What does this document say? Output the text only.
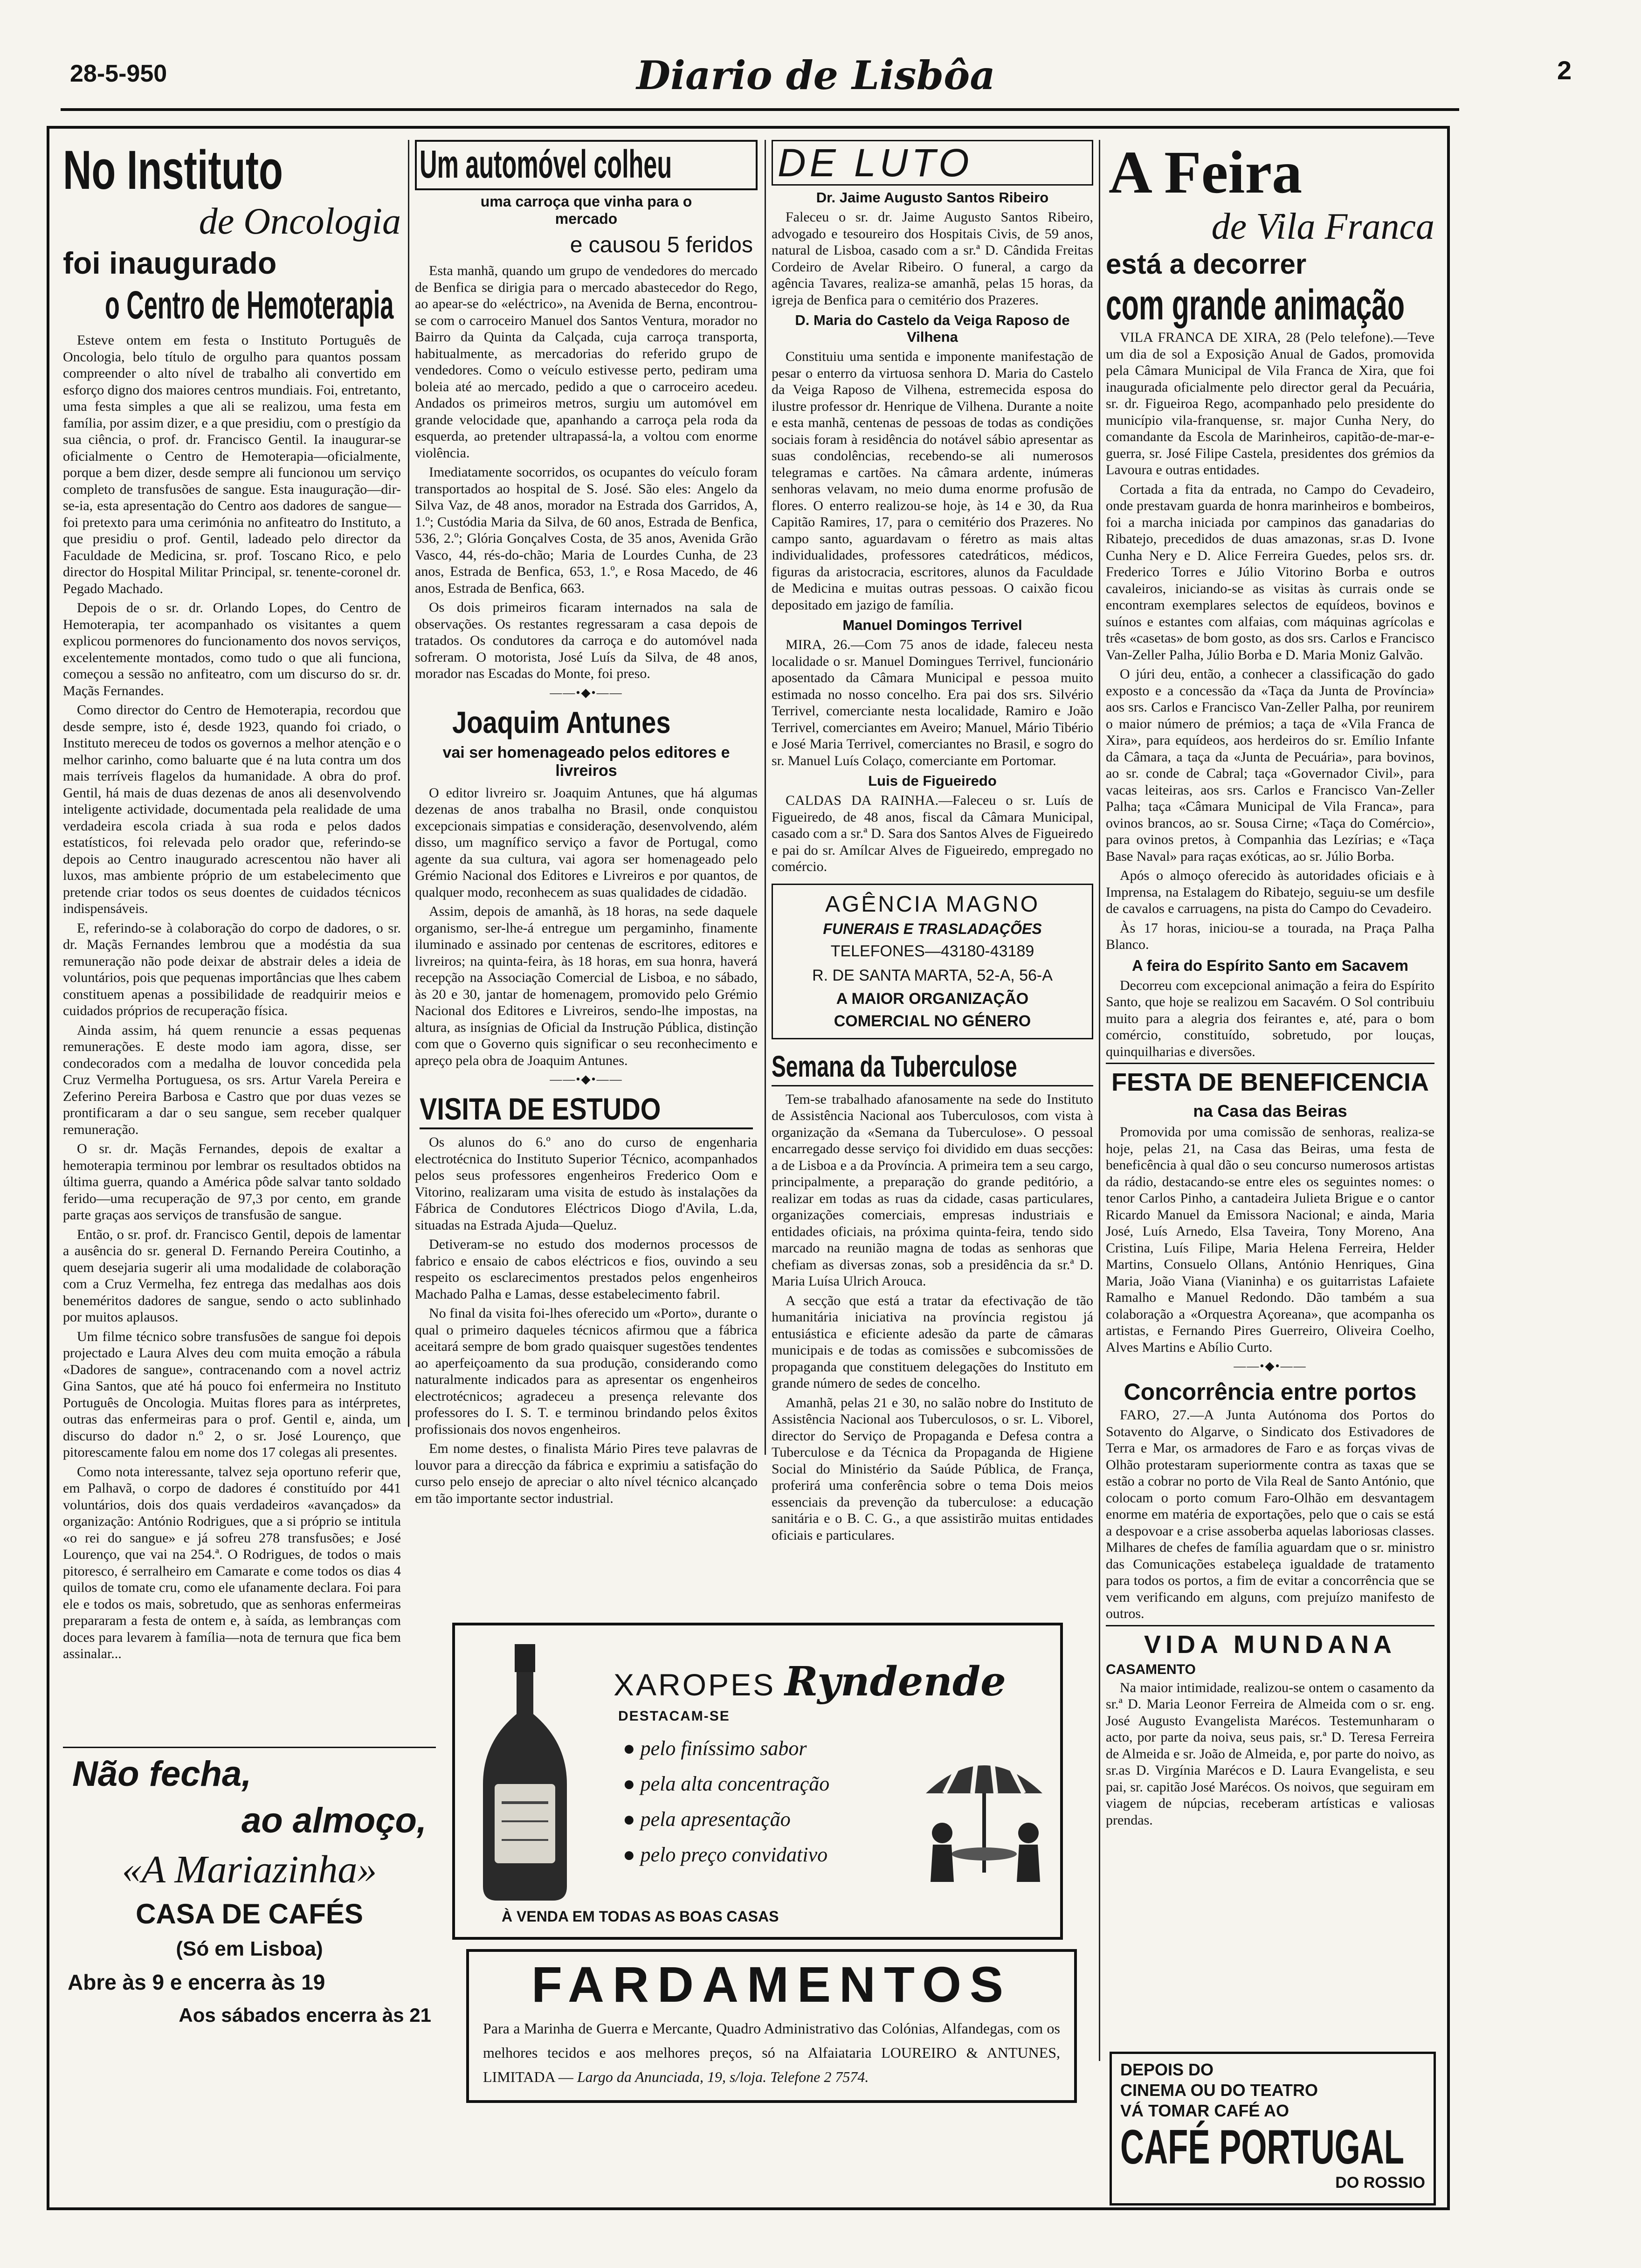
28-5-950	Diario de Lisbôa	2
No Instituto
de Oncologia
foi inaugurado
o Centro de Hemoterapia

Esteve ontem em festa o Instituto Português de Oncologia, belo título de orgulho para quantos possam compreender o alto nível de trabalho ali convertido em esforço digno dos maiores centros mundiais. Foi, entretanto, uma festa simples a que ali se realizou, uma festa em família, por assim dizer, e a que presidiu, com o prestígio da sua ciência, o prof. dr. Francisco Gentil. Ia inaugurar-se oficialmente o Centro de Hemoterapia—oficialmente, porque a bem dizer, desde sempre ali funcionou um serviço completo de transfusões de sangue. Esta inauguração—dir-se-ia, esta apresentação do Centro aos dadores de sangue—foi pretexto para uma cerimónia no anfiteatro do Instituto, a que presidiu o prof. Gentil, ladeado pelo director da Faculdade de Medicina, sr. prof. Toscano Rico, e pelo director do Hospital Militar Principal, sr. tenente-coronel dr. Pegado Machado.

Depois de o sr. dr. Orlando Lopes, do Centro de Hemoterapia, ter acompanhado os visitantes a quem explicou pormenores do funcionamento dos novos serviços, excelentemente montados, como tudo o que ali funciona, começou a sessão no anfiteatro, com um discurso do sr. dr. Maçãs Fernandes.

Como director do Centro de Hemoterapia, recordou que desde sempre, isto é, desde 1923, quando foi criado, o Instituto mereceu de todos os governos a melhor atenção e o melhor carinho, como baluarte que é na luta contra um dos mais terríveis flagelos da humanidade. A obra do prof. Gentil, há mais de duas dezenas de anos ali desenvolvendo inteligente actividade, documentada pela realidade de uma verdadeira escola criada à sua roda e pelos dados estatísticos, foi relevada pelo orador que, referindo-se depois ao Centro inaugurado acrescentou não haver ali luxos, mas ambiente próprio de um estabelecimento que pretende criar todos os seus doentes de cuidados técnicos indispensáveis.

E, referindo-se à colaboração do corpo de dadores, o sr. dr. Maçãs Fernandes lembrou que a modéstia da sua remuneração não pode deixar de abstrair deles a ideia de voluntários, pois que pequenas importâncias que lhes cabem constituem apenas a possibilidade de readquirir meios e cuidados próprios de recuperação física.

Ainda assim, há quem renuncie a essas pequenas remunerações. E deste modo iam agora, disse, ser condecorados com a medalha de louvor concedida pela Cruz Vermelha Portuguesa, os srs. Artur Varela Pereira e Zeferino Pereira Barbosa e Castro que por duas vezes se prontificaram a dar o seu sangue, sem receber qualquer remuneração.

O sr. dr. Maçãs Fernandes, depois de exaltar a hemoterapia terminou por lembrar os resultados obtidos na última guerra, quando a América pôde salvar tanto soldado ferido—uma recuperação de 97,3 por cento, em grande parte graças aos serviços de transfusão de sangue.

Então, o sr. prof. dr. Francisco Gentil, depois de lamentar a ausência do sr. general D. Fernando Pereira Coutinho, a quem desejaria sugerir ali uma modalidade de colaboração com a Cruz Vermelha, fez entrega das medalhas aos dois beneméritos dadores de sangue, sendo o acto sublinhado por muitos aplausos.

Um filme técnico sobre transfusões de sangue foi depois projectado e Laura Alves deu com muita emoção a rábula «Dadores de sangue», contracenando com a novel actriz Gina Santos, que até há pouco foi enfermeira no Instituto Português de Oncologia. Muitas flores para as intérpretes, outras das enfermeiras para o prof. Gentil e, ainda, um discurso do dador n.º 2, o sr. José Lourenço, que pitorescamente falou em nome dos 17 colegas ali presentes.

Como nota interessante, talvez seja oportuno referir que, em Palhavã, o corpo de dadores é constituído por 441 voluntários, dois dos quais verdadeiros «avançados» da organização: António Rodrigues, que a si próprio se intitula «o rei do sangue» e já sofreu 278 transfusões; e José Lourenço, que vai na 254.ª. O Rodrigues, de todos o mais pitoresco, é serralheiro em Camarate e come todos os dias 4 quilos de tomate cru, como ele ufanamente declara. Foi para ele e todos os mais, sobretudo, que as senhoras enfermeiras prepararam a festa de ontem e, à saída, as lembranças com doces para levarem à família—nota de ternura que fica bem assinalar...

Não fecha,
ao almoço,
«A Mariazinha»
CASA DE CAFÉS
(Só em Lisboa)
Abre às 9 e encerra às 19
Aos sábados encerra às 21
Um automóvel colheu
uma carroça que vinha para o mercado
e causou 5 feridos

Esta manhã, quando um grupo de vendedores do mercado de Benfica se dirigia para o mercado abastecedor do Rego, ao apear-se do «eléctrico», na Avenida de Berna, encontrou-se com o carroceiro Manuel dos Santos Ventura, morador no Bairro da Quinta da Calçada, cuja carroça transporta, habitualmente, as mercadorias do referido grupo de vendedores. Como o veículo estivesse perto, pediram uma boleia até ao mercado, pedido a que o carroceiro acedeu. Andados os primeiros metros, surgiu um automóvel em grande velocidade que, apanhando a carroça pela roda da esquerda, ao pretender ultrapassá-la, a voltou com enorme violência.

Imediatamente socorridos, os ocupantes do veículo foram transportados ao hospital de S. José. São eles: Angelo da Silva Vaz, de 48 anos, morador na Estrada dos Garridos, A, 1.º; Custódia Maria da Silva, de 60 anos, Estrada de Benfica, 536, 2.º; Glória Gonçalves Costa, de 35 anos, Avenida Grão Vasco, 44, rés-do-chão; Maria de Lourdes Cunha, de 23 anos, Estrada de Benfica, 653, 1.º, e Rosa Macedo, de 46 anos, Estrada de Benfica, 663.

Os dois primeiros ficaram internados na sala de observações. Os restantes regressaram a casa depois de tratados. Os condutores da carroça e do automóvel nada sofreram. O motorista, José Luís da Silva, de 48 anos, morador nas Escadas do Monte, foi preso.

——•◆•——
Joaquim Antunes
vai ser homenageado pelos editores e livreiros

O editor livreiro sr. Joaquim Antunes, que há algumas dezenas de anos trabalha no Brasil, onde conquistou excepcionais simpatias e consideração, desenvolvendo, além disso, um magnífico serviço a favor de Portugal, como agente da sua cultura, vai agora ser homenageado pelo Grémio Nacional dos Editores e Livreiros e por quantos, de qualquer modo, reconhecem as suas qualidades de cidadão.

Assim, depois de amanhã, às 18 horas, na sede daquele organismo, ser-lhe-á entregue um pergaminho, finamente iluminado e assinado por centenas de escritores, editores e livreiros; na quinta-feira, às 18 horas, em sua honra, haverá recepção na Associação Comercial de Lisboa, e no sábado, às 20 e 30, jantar de homenagem, promovido pelo Grémio Nacional dos Editores e Livreiros, sendo-lhe impostas, na altura, as insígnias de Oficial da Instrução Pública, distinção com que o Governo quis significar o seu reconhecimento e apreço pela obra de Joaquim Antunes.

——•◆•——
VISITA DE ESTUDO

Os alunos do 6.º ano do curso de engenharia electrotécnica do Instituto Superior Técnico, acompanhados pelos seus professores engenheiros Frederico Oom e Vitorino, realizaram uma visita de estudo às instalações da Fábrica de Condutores Eléctricos Diogo d'Avila, L.da, situadas na Estrada Ajuda—Queluz.

Detiveram-se no estudo dos modernos processos de fabrico e ensaio de cabos eléctricos e fios, ouvindo a seu respeito os esclarecimentos prestados pelos engenheiros Machado Palha e Lamas, desse estabelecimento fabril.

No final da visita foi-lhes oferecido um «Porto», durante o qual o primeiro daqueles técnicos afirmou que a fábrica aceitará sempre de bom grado quaisquer sugestões tendentes ao aperfeiçoamento da sua produção, considerando como naturalmente indicados para as apresentar os engenheiros electrotécnicos; agradeceu a presença relevante dos professores do I. S. T. e terminou brindando pelos êxitos profissionais dos novos engenheiros.

Em nome destes, o finalista Mário Pires teve palavras de louvor para a direcção da fábrica e exprimiu a satisfação do curso pelo ensejo de apreciar o alto nível técnico alcançado em tão importante sector industrial.

DE LUTO
Dr. Jaime Augusto Santos Ribeiro

Faleceu o sr. dr. Jaime Augusto Santos Ribeiro, advogado e tesoureiro dos Hospitais Civis, de 59 anos, natural de Lisboa, casado com a sr.ª D. Cândida Freitas Cordeiro de Avelar Ribeiro. O funeral, a cargo da agência Tavares, realiza-se amanhã, pelas 15 horas, da igreja de Benfica para o cemitério dos Prazeres.

D. Maria do Castelo da Veiga Raposo de Vilhena

Constituiu uma sentida e imponente manifestação de pesar o enterro da virtuosa senhora D. Maria do Castelo da Veiga Raposo de Vilhena, estremecida esposa do ilustre professor dr. Henrique de Vilhena. Durante a noite e esta manhã, centenas de pessoas de todas as condições sociais foram à residência do notável sábio apresentar as suas condolências, recebendo-se ali numerosos telegramas e cartões. Na câmara ardente, inúmeras senhoras velavam, no meio duma enorme profusão de flores. O enterro realizou-se hoje, às 14 e 30, da Rua Capitão Ramires, 17, para o cemitério dos Prazeres. No campo santo, aguardavam o féretro as mais altas individualidades, professores catedráticos, médicos, figuras da aristocracia, escritores, alunos da Faculdade de Medicina e muitas outras pessoas. O caixão ficou depositado em jazigo de família.

Manuel Domingos Terrivel

MIRA, 26.—Com 75 anos de idade, faleceu nesta localidade o sr. Manuel Domingues Terrivel, funcionário aposentado da Câmara Municipal e pessoa muito estimada no nosso concelho. Era pai dos srs. Silvério Terrivel, comerciante nesta localidade, Ramiro e João Terrivel, comerciantes em Aveiro; Manuel, Mário Tibério e José Maria Terrivel, comerciantes no Brasil, e sogro do sr. Manuel Luís Colaço, comerciante em Portomar.

Luis de Figueiredo

CALDAS DA RAINHA.—Faleceu o sr. Luís de Figueiredo, de 48 anos, fiscal da Câmara Municipal, casado com a sr.ª D. Sara dos Santos Alves de Figueiredo e pai do sr. Amílcar Alves de Figueiredo, empregado no comércio.

AGÊNCIA MAGNO
FUNERAIS E TRASLADAÇÕES
TELEFONES—43180-43189
R. DE SANTA MARTA, 52-A, 56-A
A MAIOR ORGANIZAÇÃO
COMERCIAL NO GÉNERO
Semana da Tuberculose

Tem-se trabalhado afanosamente na sede do Instituto de Assistência Nacional aos Tuberculosos, com vista à organização da «Semana da Tuberculose». O pessoal encarregado desse serviço foi dividido em duas secções: a de Lisboa e a da Província. A primeira tem a seu cargo, principalmente, a preparação do grande peditório, a realizar em todas as ruas da cidade, casas particulares, organizações comerciais, empresas industriais e entidades oficiais, na próxima quinta-feira, tendo sido marcado na reunião magna de todas as senhoras que chefiam as diversas zonas, sob a presidência da sr.ª D. Maria Luísa Ulrich Arouca.

A secção que está a tratar da efectivação de tão humanitária iniciativa na província registou já entusiástica e eficiente adesão da parte de câmaras municipais e de todas as comissões e subcomissões de propaganda que constituem delegações do Instituto em grande número de sedes de concelho.

Amanhã, pelas 21 e 30, no salão nobre do Instituto de Assistência Nacional aos Tuberculosos, o sr. L. Viborel, director do Serviço de Propaganda e Defesa contra a Tuberculose e da Técnica da Propaganda de Higiene Social do Ministério da Saúde Pública, de França, proferirá uma conferência sobre o tema Dois meios essenciais da prevenção da tuberculose: a educação sanitária e o B. C. G., a que assistirão muitas entidades oficiais e particulares.

A Feira
de Vila Franca
está a decorrer
com grande animação

VILA FRANCA DE XIRA, 28 (Pelo telefone).—Teve um dia de sol a Exposição Anual de Gados, promovida pela Câmara Municipal de Vila Franca de Xira, que foi inaugurada oficialmente pelo director geral da Pecuária, sr. dr. Figueiroa Rego, acompanhado pelo presidente do município vila-franquense, sr. major Cunha Nery, do comandante da Escola de Marinheiros, capitão-de-mar-e-guerra, sr. José Filipe Castela, presidentes dos grémios da Lavoura e outras entidades.

Cortada a fita da entrada, no Campo do Cevadeiro, onde prestavam guarda de honra marinheiros e bombeiros, foi a marcha iniciada por campinos das ganadarias do Ribatejo, precedidos de duas amazonas, sr.as D. Ivone Cunha Nery e D. Alice Ferreira Guedes, pelos srs. dr. Frederico Torres e Júlio Vitorino Borba e outros cavaleiros, iniciando-se as visitas às currais onde se encontram exemplares selectos de equídeos, bovinos e suínos e estantes com alfaias, com máquinas agrícolas e três «casetas» de bom gosto, as dos srs. Carlos e Francisco Van-Zeller Palha, Júlio Borba e D. Maria Moniz Galvão.

O júri deu, então, a conhecer a classificação do gado exposto e a concessão da «Taça da Junta de Província» aos srs. Carlos e Francisco Van-Zeller Palha, por reunirem o maior número de prémios; a taça de «Vila Franca de Xira», para equídeos, aos herdeiros do sr. Emílio Infante da Câmara, a taça da «Junta de Pecuária», para bovinos, ao sr. conde de Cabral; taça «Governador Civil», para vacas leiteiras, aos srs. Carlos e Francisco Van-Zeller Palha; taça «Câmara Municipal de Vila Franca», para ovinos brancos, ao sr. Sousa Cirne; «Taça do Comércio», para ovinos pretos, à Companhia das Lezírias; e «Taça Base Naval» para raças exóticas, ao sr. Júlio Borba.

Após o almoço oferecido às autoridades oficiais e à Imprensa, na Estalagem do Ribatejo, seguiu-se um desfile de cavalos e carruagens, na pista do Campo do Cevadeiro.

Às 17 horas, iniciou-se a tourada, na Praça Palha Blanco.

A feira do Espírito Santo em Sacavem

Decorreu com excepcional animação a feira do Espírito Santo, que hoje se realizou em Sacavém. O Sol contribuiu muito para a alegria dos feirantes e, até, para o bom comércio, constituído, sobretudo, por louças, quinquilharias e diversões.

FESTA DE BENEFICENCIA
na Casa das Beiras

Promovida por uma comissão de senhoras, realiza-se hoje, pelas 21, na Casa das Beiras, uma festa de beneficência à qual dão o seu concurso numerosos artistas da rádio, destacando-se entre eles os seguintes nomes: o tenor Carlos Pinho, a cantadeira Julieta Brigue e o cantor Ricardo Manuel da Emissora Nacional; e ainda, Maria José, Luís Arnedo, Elsa Taveira, Tony Moreno, Ana Cristina, Luís Filipe, Maria Helena Ferreira, Helder Martins, Consuelo Ollans, António Henriques, Gina Maria, João Viana (Vianinha) e os guitarristas Lafaiete Ramalho e Manuel Redondo. Dão também a sua colaboração a «Orquestra Açoreana», que acompanha os artistas, e Fernando Pires Guerreiro, Oliveira Coelho, Alves Martins e Abílio Curto.

——•◆•——
Concorrência entre portos

FARO, 27.—A Junta Autónoma dos Portos do Sotavento do Algarve, o Sindicato dos Estivadores de Terra e Mar, os armadores de Faro e as forças vivas de Olhão protestaram superiormente contra as taxas que se estão a cobrar no porto de Vila Real de Santo António, que colocam o porto comum Faro-Olhão em desvantagem enorme em matéria de exportações, pelo que o cais se está a despovoar e a crise assoberba aquelas laboriosas classes. Milhares de chefes de família aguardam que o sr. ministro das Comunicações estabeleça igualdade de tratamento para todos os portos, a fim de evitar a concorrência que se vem verificando em alguns, com prejuízo manifesto de outros.

VIDA MUNDANA
CASAMENTO

Na maior intimidade, realizou-se ontem o casamento da sr.ª D. Maria Leonor Ferreira de Almeida com o sr. eng. José Augusto Evangelista Marécos. Testemunharam o acto, por parte da noiva, seus pais, sr.ª D. Teresa Ferreira de Almeida e sr. João de Almeida, e, por parte do noivo, as sr.as D. Virgínia Marécos e D. Laura Evangelista, e seu pai, sr. capitão José Marécos. Os noivos, que seguiram em viagem de núpcias, receberam artísticas e valiosas prendas.

DEPOIS DO
CINEMA OU DO TEATRO
VÁ TOMAR CAFÉ AO
CAFÉ PORTUGAL
DO ROSSIO
XAROPES Ryndende
DESTACAM-SE
● pelo finíssimo sabor
● pela alta concentração
● pela apresentação
● pelo preço convidativo
À VENDA EM TODAS AS BOAS CASAS
FARDAMENTOS
Para a Marinha de Guerra e Mercante, Quadro Administrativo das Colónias, Alfandegas, com os melhores tecidos e aos melhores preços, só na Alfaiataria LOUREIRO & ANTUNES, LIMITADA — Largo da Anunciada, 19, s/loja. Telefone 2 7574.
